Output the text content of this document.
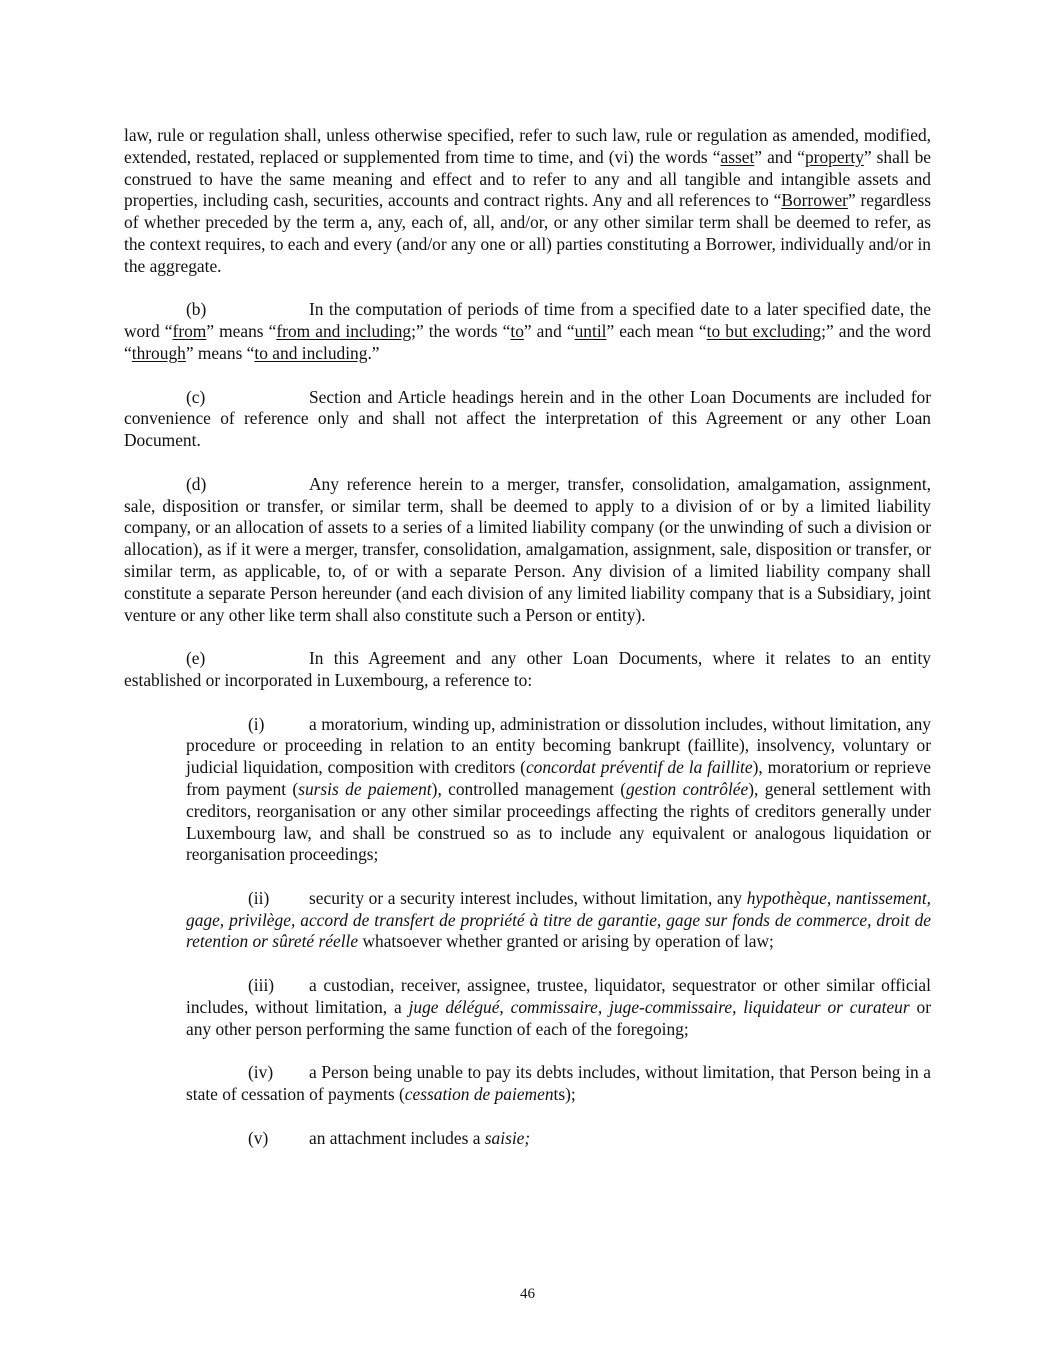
law, rule or regulation shall, unless otherwise specified, refer to such law, rule or regulation as amended, modified, extended, restated, replaced or supplemented from time to time, and (vi) the words “asset” and “property” shall be construed to have the same meaning and effect and to refer to any and all tangible and intangible assets and properties, including cash, securities, accounts and contract rights. Any and all references to “Borrower” regardless of whether preceded by the term a, any, each of, all, and/or, or any other similar term shall be deemed to refer, as the context requires, to each and every (and/or any one or all) parties constituting a Borrower, individually and/or in the aggregate.

(b)	In the computation of periods of time from a specified date to a later specified date, the word “from” means “from and including;” the words “to” and “until” each mean “to but excluding;” and the word “through” means “to and including.”

(c)	Section and Article headings herein and in the other Loan Documents are included for convenience of reference only and shall not affect the interpretation of this Agreement or any other Loan Document.

(d)	Any reference herein to a merger, transfer, consolidation, amalgamation, assignment, sale, disposition or transfer, or similar term, shall be deemed to apply to a division of or by a limited liability company, or an allocation of assets to a series of a limited liability company (or the unwinding of such a division or allocation), as if it were a merger, transfer, consolidation, amalgamation, assignment, sale, disposition or transfer, or similar term, as applicable, to, of or with a separate Person. Any division of a limited liability company shall constitute a separate Person hereunder (and each division of any limited liability company that is a Subsidiary, joint venture or any other like term shall also constitute such a Person or entity).

(e)	In this Agreement and any other Loan Documents, where it relates to an entity established or incorporated in Luxembourg, a reference to:

(i)	a moratorium, winding up, administration or dissolution includes, without limitation, any procedure or proceeding in relation to an entity becoming bankrupt (faillite), insolvency, voluntary or judicial liquidation, composition with creditors (concordat préventif de la faillite), moratorium or reprieve from payment (sursis de paiement), controlled management (gestion contrôlée), general settlement with creditors, reorganisation or any other similar proceedings affecting the rights of creditors generally under Luxembourg law, and shall be construed so as to include any equivalent or analogous liquidation or reorganisation proceedings;

(ii) security or a security interest includes, without limitation, any hypothèque, nantissement, gage, privilège, accord de transfert de propriété à titre de garantie, gage sur fonds de commerce, droit de retention or sûreté réelle whatsoever whether granted or arising by operation of law;

(iii) a custodian, receiver, assignee, trustee, liquidator, sequestrator or other similar official includes, without limitation, a juge délégué, commissaire, juge-commissaire, liquidateur or curateur or any other person performing the same function of each of the foregoing;

(iv) a Person being unable to pay its debts includes, without limitation, that Person being in a state of cessation of payments (cessation de paiements);

(v) an attachment includes a saisie;

46
